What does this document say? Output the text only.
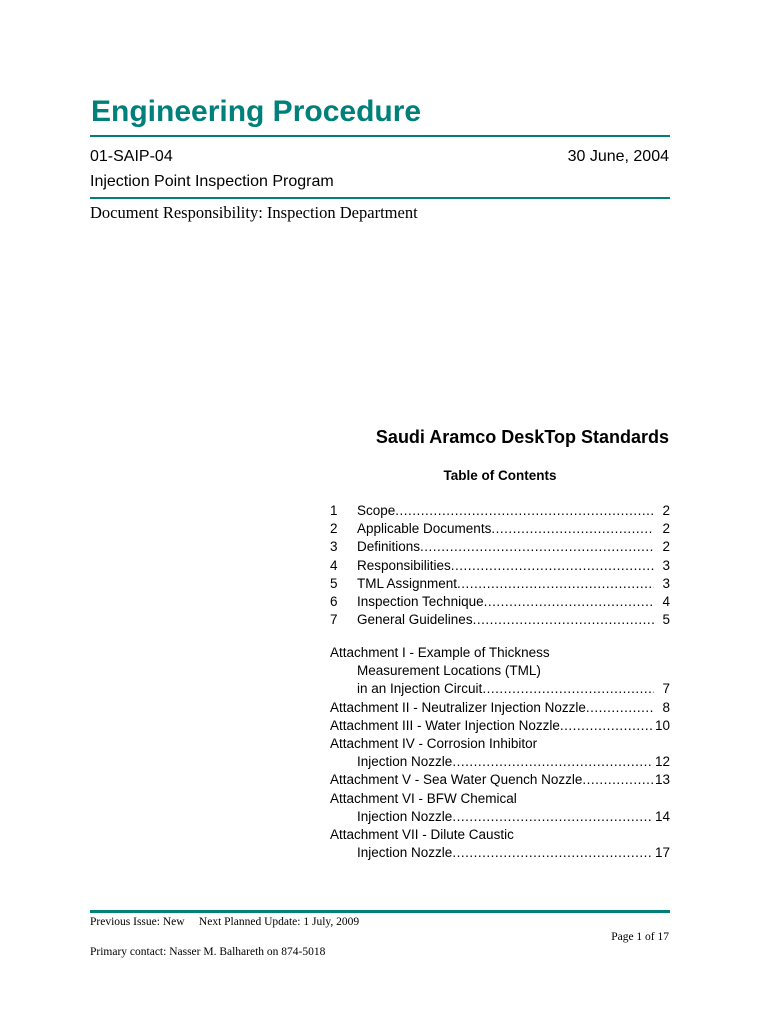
Engineering Procedure
01-SAIP-04	30 June, 2004
Injection Point Inspection Program
Document Responsibility: Inspection Department
Saudi Aramco DeskTop Standards
Table of Contents
1	Scope .....	2
2	Applicable Documents .....	2
3	Definitions .....	2
4	Responsibilities .....	3
5	TML Assignment .....	3
6	Inspection Technique .....	4
7	General Guidelines .....	5
Attachment I - Example of Thickness
Measurement Locations (TML)
in an Injection Circuit .....	7
Attachment II - Neutralizer Injection Nozzle .....	8
Attachment III - Water Injection Nozzle .....	10
Attachment IV - Corrosion Inhibitor
Injection Nozzle .....	12
Attachment V - Sea Water Quench Nozzle .....	13
Attachment VI - BFW Chemical
Injection Nozzle .....	14
Attachment VII - Dilute Caustic
Injection Nozzle .....	17
Previous Issue: New Next Planned Update: 1 July, 2009
Page 1 of 17
Primary contact: Nasser M. Balhareth on 874-5018
